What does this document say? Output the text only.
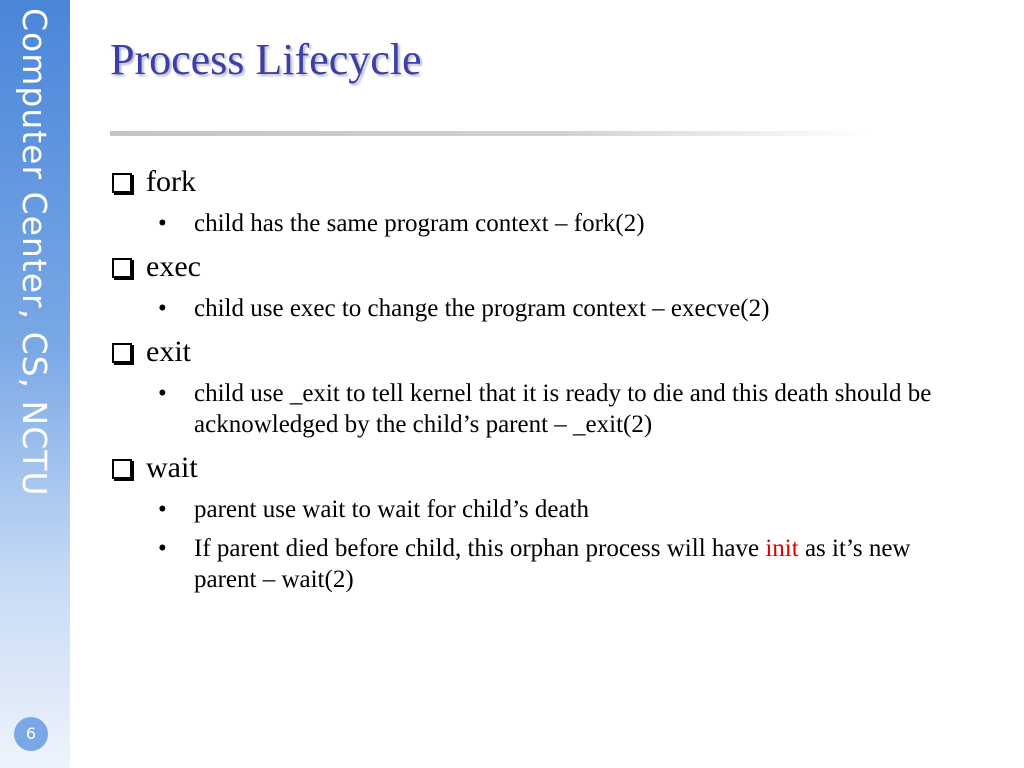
Computer Center, CS, NCTU
6
Process Lifecycle
fork
• child has the same program context – fork(2)
exec
• child use exec to change the program context – execve(2)
exit
• child use _exit to tell kernel that it is ready to die and this death should be acknowledged by the child’s parent – _exit(2)
wait
• parent use wait to wait for child’s death
• If parent died before child, this orphan process will have init as it’s new parent – wait(2)
